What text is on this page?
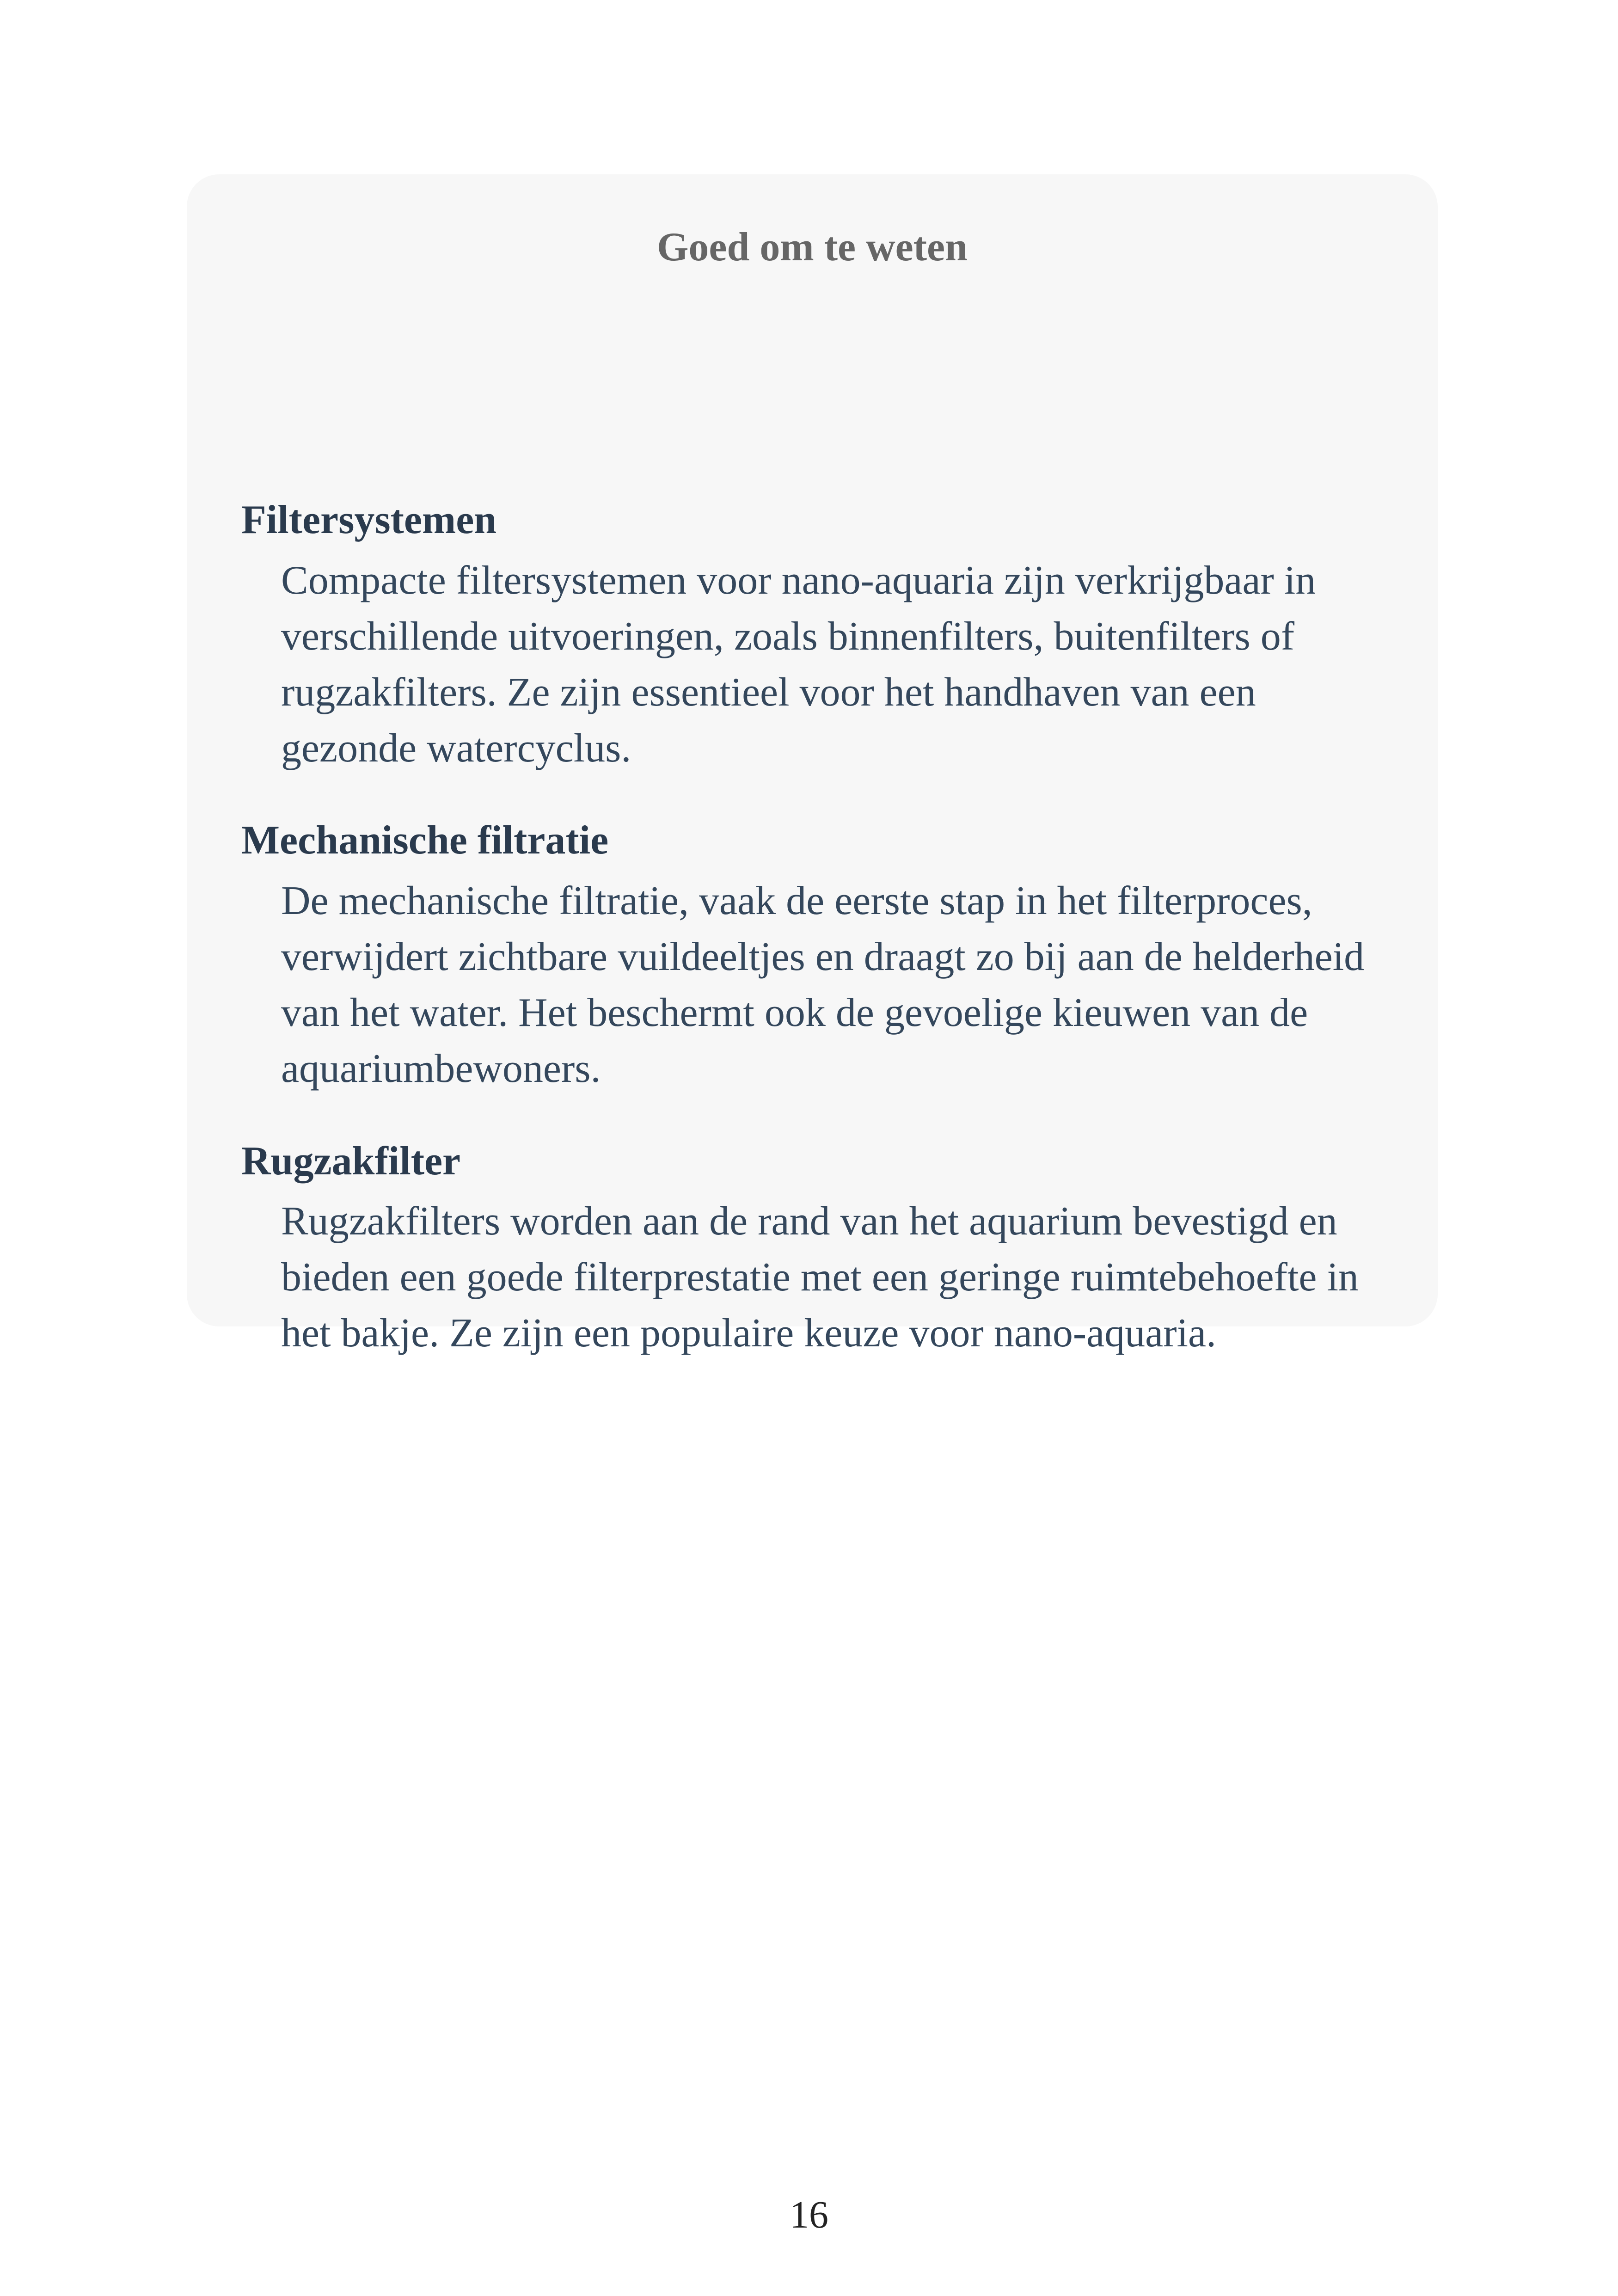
Goed om te weten
Filtersystemen
Compacte filtersystemen voor nano-aquaria zijn verkrijgbaar in verschillende uitvoeringen, zoals binnenfilters, buitenfilters of rugzakfilters. Ze zijn essentieel voor het handhaven van een gezonde watercyclus.
Mechanische filtratie
De mechanische filtratie, vaak de eerste stap in het filterproces, verwijdert zichtbare vuildeeltjes en draagt zo bij aan de helderheid van het water. Het beschermt ook de gevoelige kieuwen van de aquariumbewoners.
Rugzakfilter
Rugzakfilters worden aan de rand van het aquarium bevestigd en bieden een goede filterprestatie met een geringe ruimtebehoefte in het bakje. Ze zijn een populaire keuze voor nano-aquaria.
16
